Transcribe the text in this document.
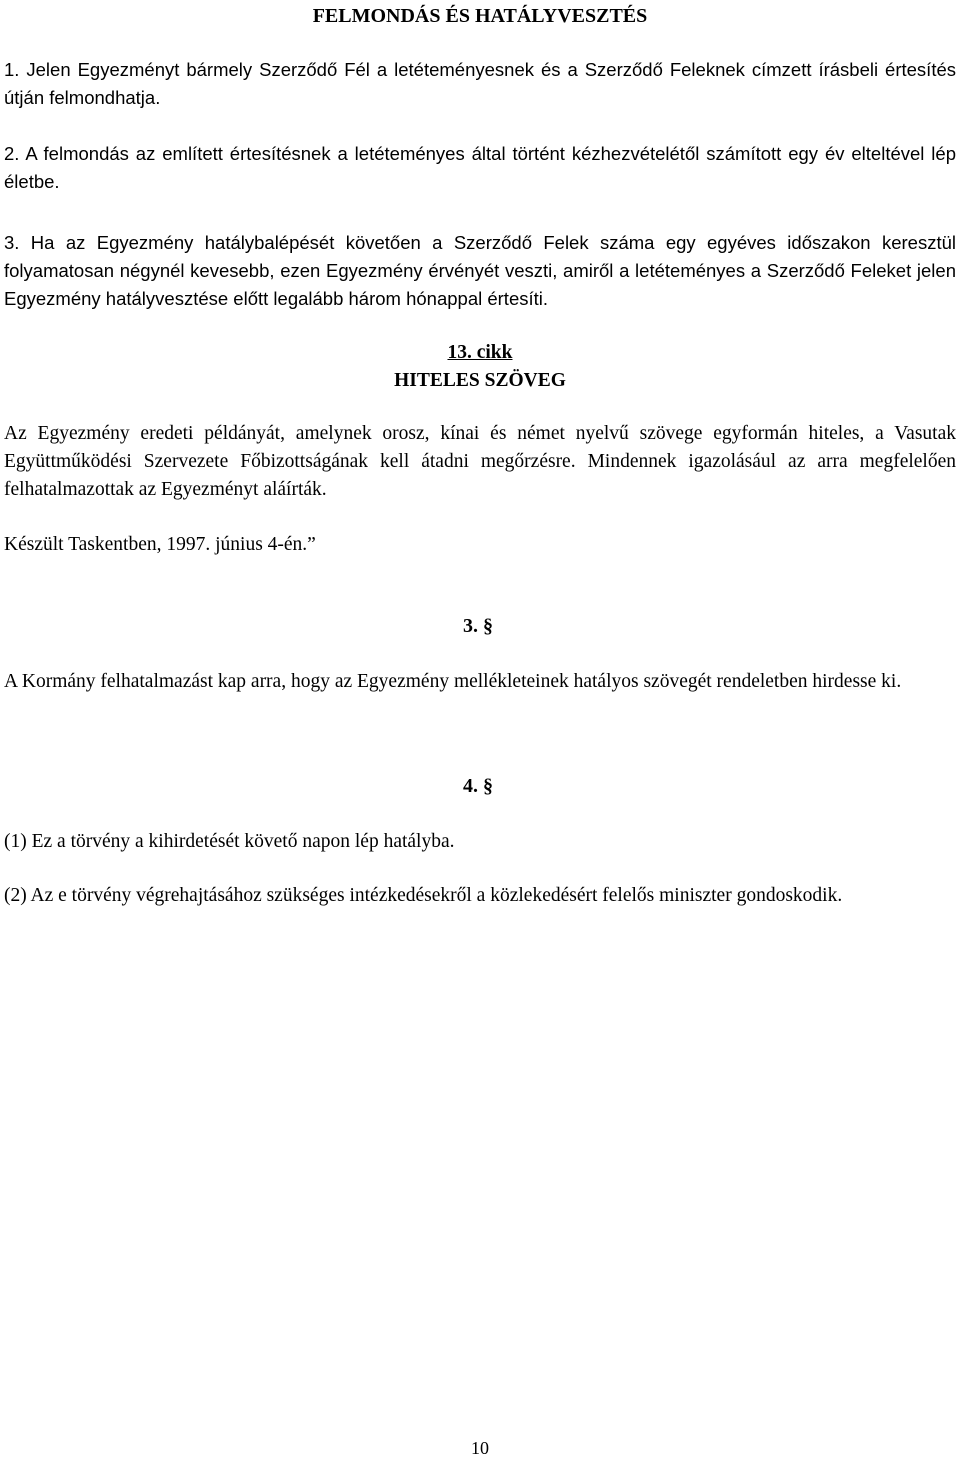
FELMONDÁS ÉS HATÁLYVESZTÉS

1. Jelen Egyezményt bármely Szerződő Fél a letéteményesnek és a Szerződő Feleknek címzett írásbeli értesítés útján felmondhatja.

2. A felmondás az említett értesítésnek a letéteményes által történt kézhezvételétől számított egy év elteltével lép életbe.

3. Ha az Egyezmény hatálybalépését követően a Szerződő Felek száma egy egyéves időszakon keresztül folyamatosan négynél kevesebb, ezen Egyezmény érvényét veszti, amiről a letéteményes a Szerződő Feleket jelen Egyezmény hatályvesztése előtt legalább három hónappal értesíti.

13. cikk
HITELES SZÖVEG

Az Egyezmény eredeti példányát, amelynek orosz, kínai és német nyelvű szövege egyformán hiteles, a Vasutak Együttműködési Szervezete Főbizottságának kell átadni megőrzésre. Mindennek igazolásául az arra megfelelően felhatalmazottak az Egyezményt aláírták.

Készült Taskentben, 1997. június 4-én.”

3. §

A Kormány felhatalmazást kap arra, hogy az Egyezmény mellékleteinek hatályos szövegét rendeletben hirdesse ki.

4. §

(1) Ez a törvény a kihirdetését követő napon lép hatályba.

(2) Az e törvény végrehajtásához szükséges intézkedésekről a közlekedésért felelős miniszter gondoskodik.

10
